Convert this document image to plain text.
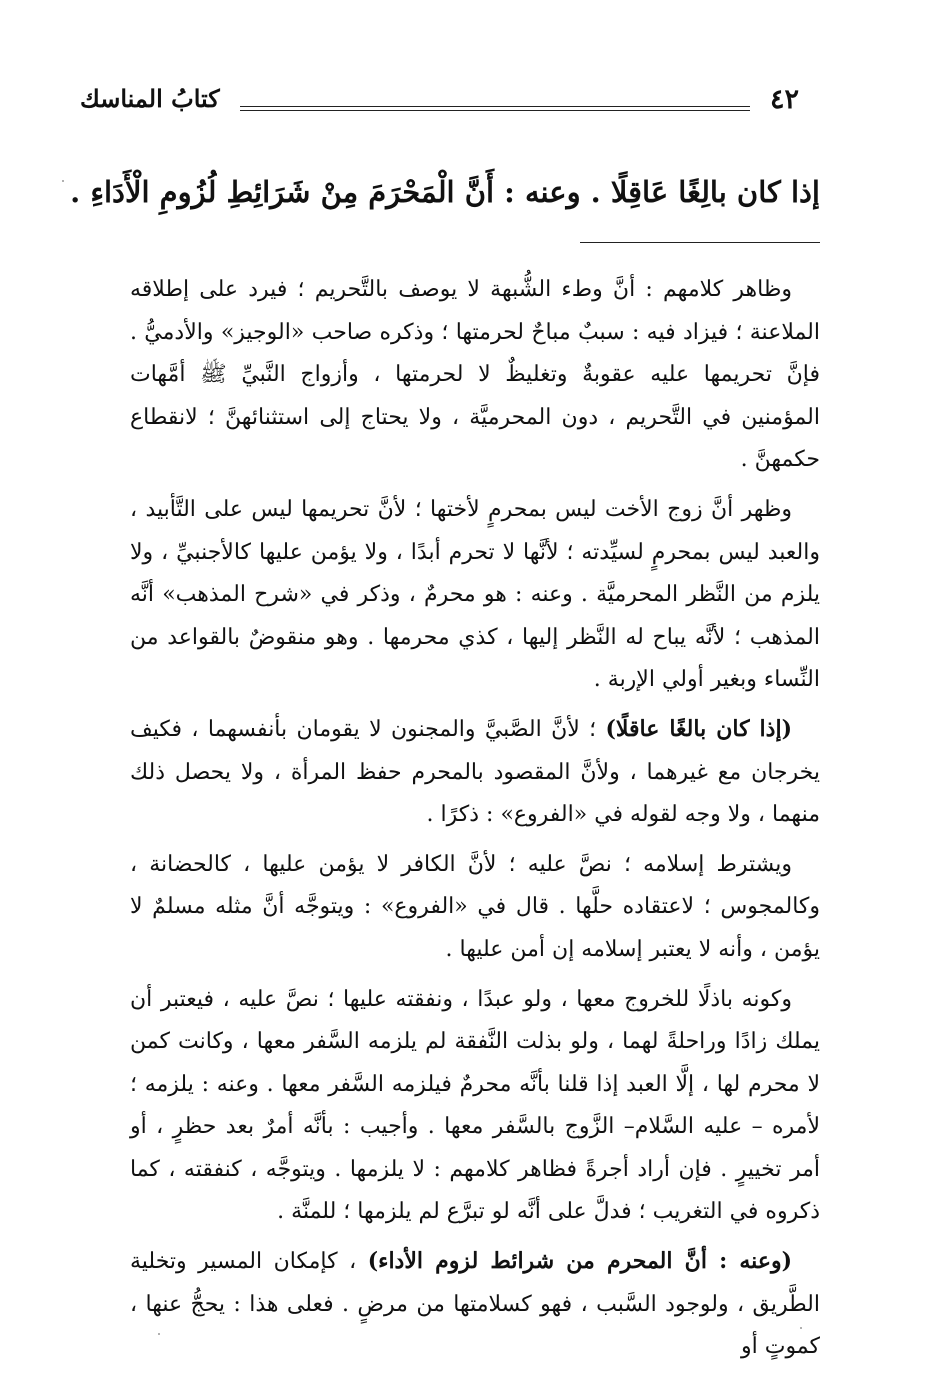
٤٢
كتابُ المناسك
إذا كان بالِغًا عَاقِلًا . وعنه : أَنَّ الْمَحْرَمَ مِنْ شَرَائِطِ لُزُومِ الْأَدَاءِ .

وظاهر كلامهم : أنَّ وطء الشُّبهة لا يوصف بالتَّحريم ؛ فيرد على إطلاقه الملاعنة ؛ فيزاد فيه : سببٌ مباحٌ لحرمتها ؛ وذكره صاحب «الوجيز» والأدميُّ . فإنَّ تحريمها عليه عقوبةٌ وتغليظٌ لا لحرمتها ، وأزواج النَّبيِّ ﷺ أمَّهات المؤمنين في التَّحريم ، دون المحرميَّة ، ولا يحتاج إلى استثنائهنَّ ؛ لانقطاع حكمهنَّ .

وظهر أنَّ زوج الأخت ليس بمحرمٍ لأختها ؛ لأنَّ تحريمها ليس على التَّأبيد ، والعبد ليس بمحرمٍ لسيِّدته ؛ لأنَّها لا تحرم أبدًا ، ولا يؤمن عليها كالأجنبيِّ ، ولا يلزم من النَّظر المحرميَّة . وعنه : هو محرمٌ ، وذكر في «شرح المذهب» أنَّه المذهب ؛ لأنَّه يباح له النَّظر إليها ، كذي محرمها . وهو منقوضٌ بالقواعد من النِّساء وبغير أولي الإربة .

(إذا كان بالغًا عاقلًا) ؛ لأنَّ الصَّبيَّ والمجنون لا يقومان بأنفسهما ، فكيف يخرجان مع غيرهما ، ولأنَّ المقصود بالمحرم حفظ المرأة ، ولا يحصل ذلك منهما ، ولا وجه لقوله في «الفروع» : ذكرًا .

ويشترط إسلامه ؛ نصَّ عليه ؛ لأنَّ الكافر لا يؤمن عليها ، كالحضانة ، وكالمجوس ؛ لاعتقاده حلَّها . قال في «الفروع» : ويتوجَّه أنَّ مثله مسلمٌ لا يؤمن ، وأنه لا يعتبر إسلامه إن أمن عليها .

وكونه باذلًا للخروج معها ، ولو عبدًا ، ونفقته عليها ؛ نصَّ عليه ، فيعتبر أن يملك زادًا وراحلةً لهما ، ولو بذلت النَّفقة لم يلزمه السَّفر معها ، وكانت كمن لا محرم لها ، إلَّا العبد إذا قلنا بأنَّه محرمٌ فيلزمه السَّفر معها . وعنه : يلزمه ؛ لأمره – عليه السَّلام– الزَّوج بالسَّفر معها . وأجيب : بأنَّه أمرٌ بعد حظرٍ ، أو أمر تخييرٍ . فإن أراد أجرةً فظاهر كلامهم : لا يلزمها . ويتوجَّه ، كنفقته ، كما ذكروه في التغريب ؛ فدلَّ على أنَّه لو تبرَّع لم يلزمها ؛ للمنَّة .

(وعنه : أنَّ المحرم من شرائط لزوم الأداء) ، كإمكان المسير وتخلية الطَّريق ، ولوجود السَّبب ، فهو كسلامتها من مرضٍ . فعلى هذا : يحجُّ عنها ، كموتٍ أو
